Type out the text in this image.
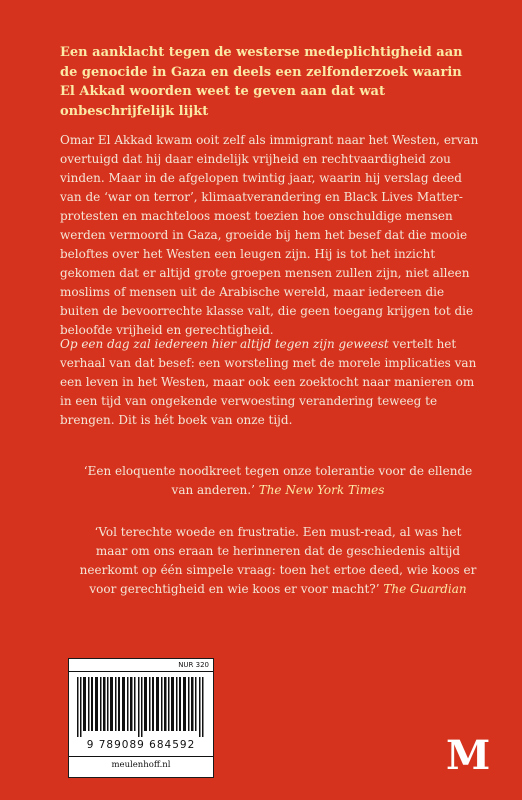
Een aanklacht tegen de westerse medeplichtigheid aan de genocide in Gaza en deels een zelfonderzoek waarin El Akkad woorden weet te geven aan dat wat onbeschrijfelijk lijkt
Omar El Akkad kwam ooit zelf als immigrant naar het Westen, ervan overtuigd dat hij daar eindelijk vrijheid en rechtvaardigheid zou vinden. Maar in de afgelopen twintig jaar, waarin hij verslag deed van de ‘war on terror’, klimaatverandering en Black Lives Matter-protesten en machteloos moest toezien hoe onschuldige mensen werden vermoord in Gaza, groeide bij hem het besef dat die mooie beloftes over het Westen een leugen zijn. Hij is tot het inzicht gekomen dat er altijd grote groepen mensen zullen zijn, niet alleen moslims of mensen uit de Arabische wereld, maar iedereen die buiten de bevoorrechte klasse valt, die geen toegang krijgen tot die beloofde vrijheid en gerechtigheid.
Op een dag zal iedereen hier altijd tegen zijn geweest vertelt het verhaal van dat besef: een worsteling met de morele implicaties van een leven in het Westen, maar ook een zoektocht naar manieren om in een tijd van ongekende verwoesting verandering teweeg te brengen. Dit is hét boek van onze tijd.
‘Een eloquente noodkreet tegen onze tolerantie voor de ellende van anderen.’ The New York Times
‘Vol terechte woede en frustratie. Een must-read, al was het maar om ons eraan te herinneren dat de geschiedenis altijd neerkomt op één simpele vraag: toen het ertoe deed, wie koos er voor gerechtigheid en wie koos er voor macht?’ The Guardian
NUR 320
9 789089 684592
meulenhoff.nl	M
